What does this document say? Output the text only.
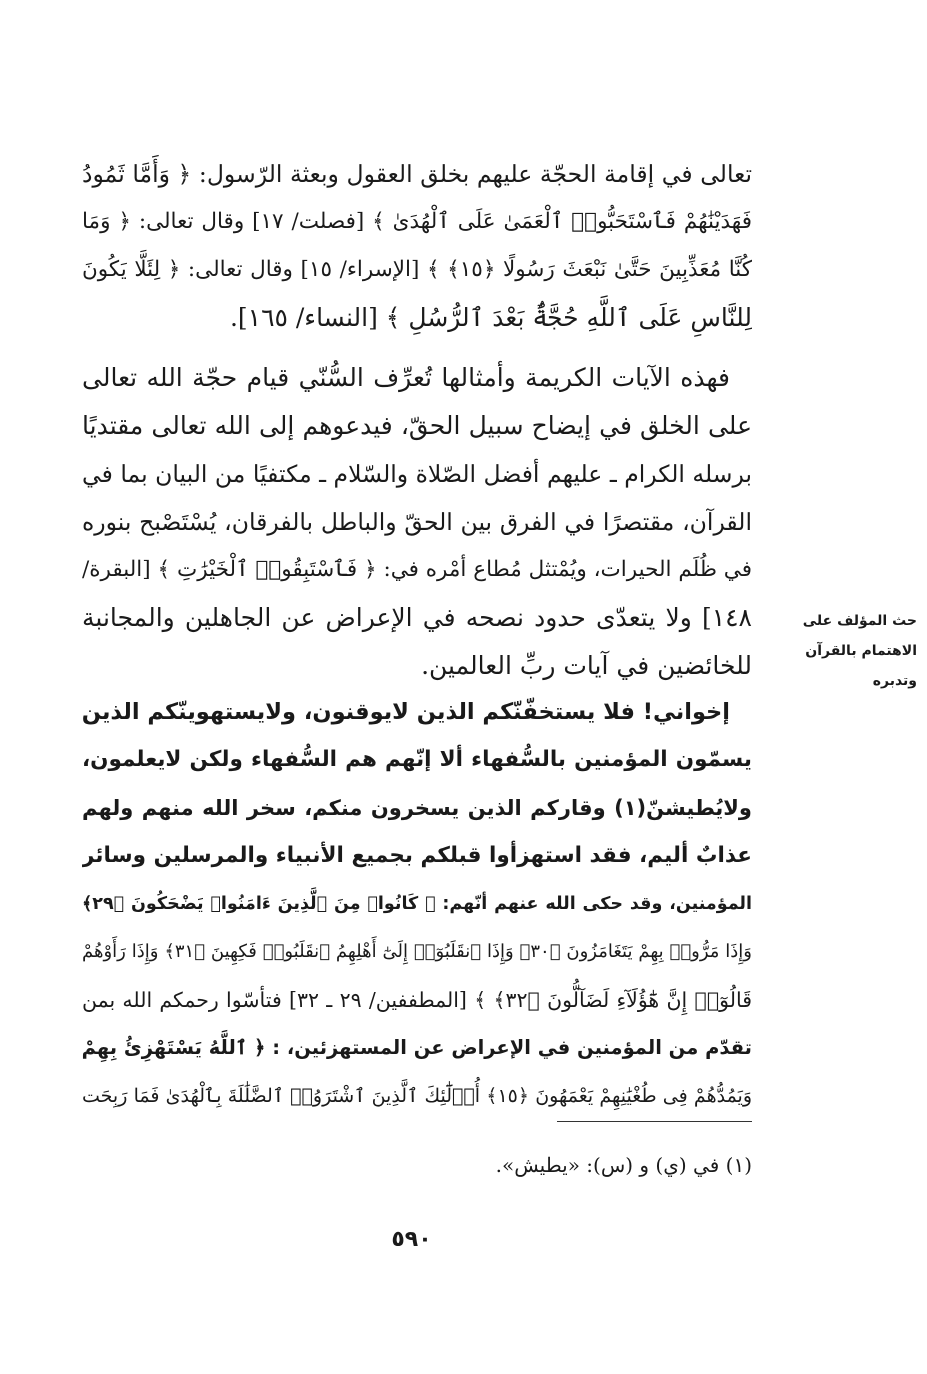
تعالى في إقامة الحجّة عليهم بخلق العقول وبعثة الرّسول: ﴿ وَأَمَّا ثَمُودُ
فَهَدَيْنَٰهُمْ فَٱسْتَحَبُّوا۟ ٱلْعَمَىٰ عَلَى ٱلْهُدَىٰ ﴾ [فصلت/ ١٧] وقال تعالى: ﴿ وَمَا
كُنَّا مُعَذِّبِينَ حَتَّىٰ نَبْعَثَ رَسُولًا ﴿١٥﴾ ﴾ [الإسراء/ ١٥] وقال تعالى: ﴿ لِئَلَّا يَكُونَ
لِلنَّاسِ عَلَى ٱللَّهِ حُجَّةٌۢ بَعْدَ ٱلرُّسُلِ ﴾ [النساء/ ١٦٥].
فهذه الآيات الكريمة وأمثالها تُعرِّف السُّنّي قيام حجّة الله تعالى
على الخلق في إيضاح سبيل الحقّ، فيدعوهم إلى الله تعالى مقتديًا
برسله الكرام ـ عليهم أفضل الصّلاة والسّلام ـ مكتفيًا من البيان بما في
القرآن، مقتصرًا في الفرق بين الحقّ والباطل بالفرقان، يُسْتَصْبح بنوره
في ظُلَم الحيرات، ويُمْتثل مُطاع أمْره في: ﴿ فَٱسْتَبِقُوا۟ ٱلْخَيْرَٰتِ ﴾ [البقرة/
١٤٨] ولا يتعدّى حدود نصحه في الإعراض عن الجاهلين والمجانبة
للخائضين في آيات ربِّ العالمين.
حث المؤلف على
الاهتمام بالقرآن
وتدبره
إخواني! فلا يستخفّنّكم الذين لايوقنون، ولايستهوينّكم الذين
يسمّون المؤمنين بالسُّفهاء ألا إنّهم هم السُّفهاء ولكن لايعلمون،
ولايُطيشنّ(١) وقاركم الذين يسخرون منكم، سخر الله منهم ولهم
عذابٌ أليم، فقد استهزأوا قبلكم بجميع الأنبياء والمرسلين وسائر
المؤمنين، وقد حكى الله عنهم أنّهم: ﴿ كَانُوا۟ مِنَ ٱلَّذِينَ ءَامَنُوا۟ يَضْحَكُونَ ﴿٢٩﴾
وَإِذَا مَرُّوا۟ بِهِمْ يَتَغَامَزُونَ ﴿٣٠﴾ وَإِذَا ٱنقَلَبُوٓا۟ إِلَىٰٓ أَهْلِهِمُ ٱنقَلَبُوا۟ فَكِهِينَ ﴿٣١﴾ وَإِذَا رَأَوْهُمْ
قَالُوٓا۟ إِنَّ هَٰٓؤُلَآءِ لَضَآلُّونَ ﴿٣٢﴾ ﴾ [المطففين/ ٢٩ ـ ٣٢] فتأسّوا رحمكم الله بمن
تقدّم من المؤمنين في الإعراض عن المستهزئين، : ﴿ ٱللَّهُ يَسْتَهْزِئُ بِهِمْ
وَيَمُدُّهُمْ فِى طُغْيَٰنِهِمْ يَعْمَهُونَ ﴿١٥﴾ أُو۟لَٰٓئِكَ ٱلَّذِينَ ٱشْتَرَوُا۟ ٱلضَّلَٰلَةَ بِٱلْهُدَىٰ فَمَا رَبِحَت
(١) في (ي) و (س): «يطيش».
٥٩٠
